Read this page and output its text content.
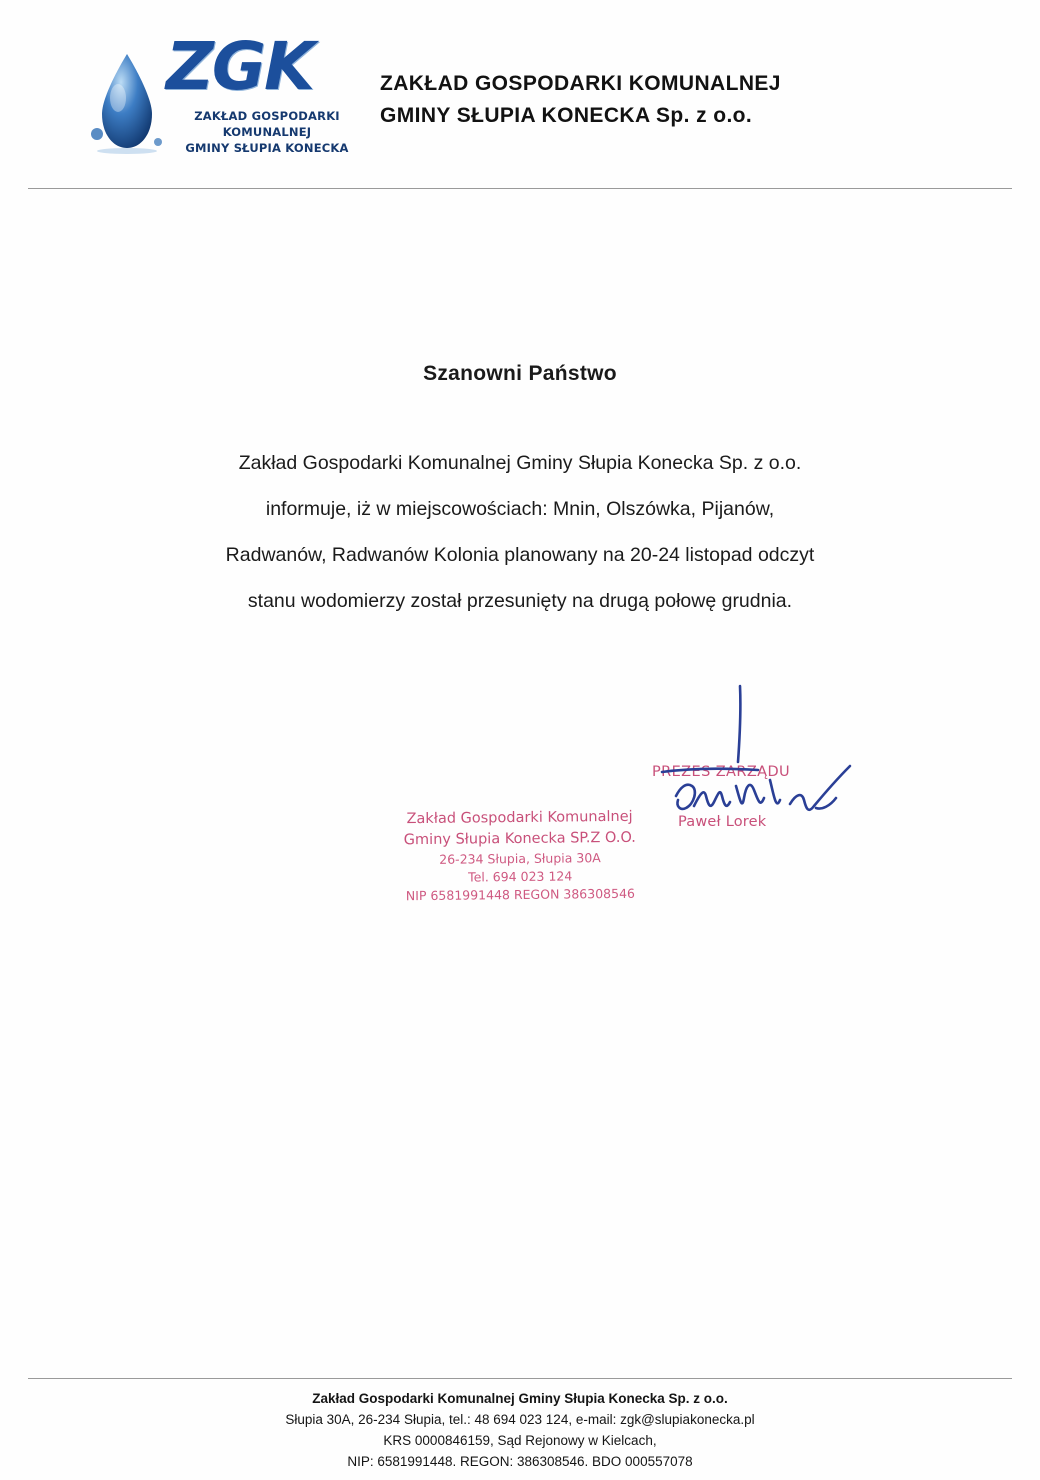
ZGK
ZAKŁAD GOSPODARKI
KOMUNALNEJ
GMINY SŁUPIA KONECKA
ZAKŁAD GOSPODARKI KOMUNALNEJ
GMINY SŁUPIA KONECKA Sp. z o.o.
Szanowni Państwo
Zakład Gospodarki Komunalnej Gminy Słupia Konecka Sp. z o.o.
informuje, iż w miejscowościach: Mnin, Olszówka, Pijanów,
Radwanów, Radwanów Kolonia planowany na 20-24 listopad odczyt
stanu wodomierzy został przesunięty na drugą połowę grudnia.
Zakład Gospodarki Komunalnej
Gminy Słupia Konecka SP.Z O.O.
26-234 Słupia, Słupia 30A
Tel. 694 023 124
NIP 6581991448 REGON 386308546
PREZES ZARZĄDU
Paweł Lorek
Zakład Gospodarki Komunalnej Gminy Słupia Konecka Sp. z o.o.
Słupia 30A, 26-234 Słupia, tel.: 48 694 023 124, e-mail: zgk@slupiakonecka.pl
KRS 0000846159, Sąd Rejonowy w Kielcach,
NIP: 6581991448. REGON: 386308546. BDO 000557078
